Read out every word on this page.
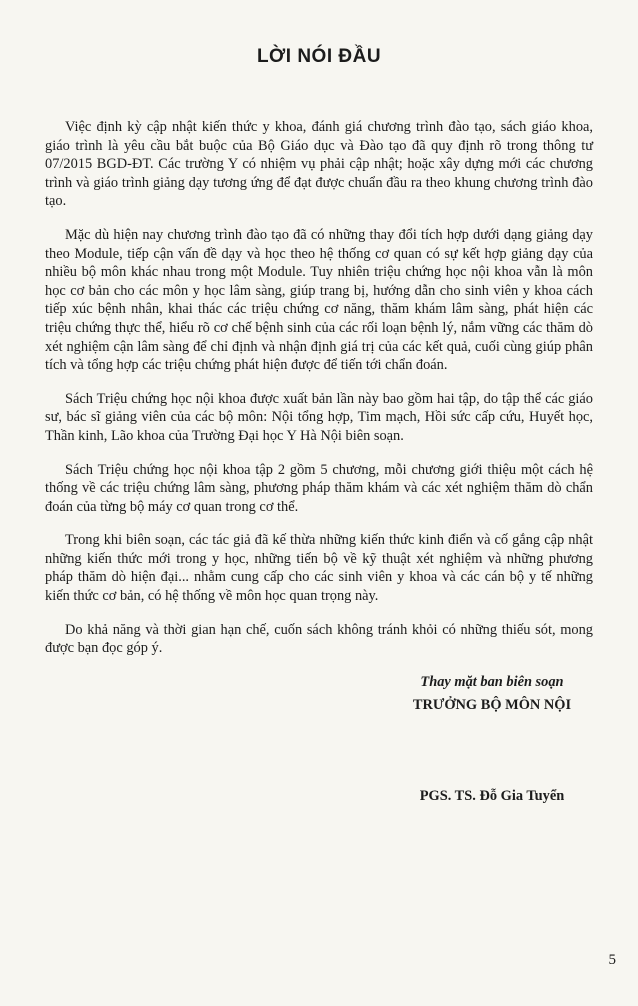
LỜI NÓI ĐẦU

Việc định kỳ cập nhật kiến thức y khoa, đánh giá chương trình đào tạo, sách giáo khoa, giáo trình là yêu cầu bắt buộc của Bộ Giáo dục và Đào tạo đã quy định rõ trong thông tư 07/2015 BGD-ĐT. Các trường Y có nhiệm vụ phải cập nhật; hoặc xây dựng mới các chương trình và giáo trình giảng dạy tương ứng để đạt được chuẩn đầu ra theo khung chương trình đào tạo.

Mặc dù hiện nay chương trình đào tạo đã có những thay đổi tích hợp dưới dạng giảng dạy theo Module, tiếp cận vấn đề dạy và học theo hệ thống cơ quan có sự kết hợp giảng dạy của nhiều bộ môn khác nhau trong một Module. Tuy nhiên triệu chứng học nội khoa vẫn là môn học cơ bản cho các môn y học lâm sàng, giúp trang bị, hướng dẫn cho sinh viên y khoa cách tiếp xúc bệnh nhân, khai thác các triệu chứng cơ năng, thăm khám lâm sàng, phát hiện các triệu chứng thực thể, hiểu rõ cơ chế bệnh sinh của các rối loạn bệnh lý, nắm vững các thăm dò xét nghiệm cận lâm sàng để chỉ định và nhận định giá trị của các kết quả, cuối cùng giúp phân tích và tổng hợp các triệu chứng phát hiện được để tiến tới chẩn đoán.

Sách Triệu chứng học nội khoa được xuất bản lần này bao gồm hai tập, do tập thể các giáo sư, bác sĩ giảng viên của các bộ môn: Nội tổng hợp, Tim mạch, Hồi sức cấp cứu, Huyết học, Thần kinh, Lão khoa của Trường Đại học Y Hà Nội biên soạn.

Sách Triệu chứng học nội khoa tập 2 gồm 5 chương, mỗi chương giới thiệu một cách hệ thống về các triệu chứng lâm sàng, phương pháp thăm khám và các xét nghiệm thăm dò chẩn đoán của từng bộ máy cơ quan trong cơ thể.

Trong khi biên soạn, các tác giả đã kế thừa những kiến thức kinh điển và cố gắng cập nhật những kiến thức mới trong y học, những tiến bộ về kỹ thuật xét nghiệm và những phương pháp thăm dò hiện đại... nhằm cung cấp cho các sinh viên y khoa và các cán bộ y tế những kiến thức cơ bản, có hệ thống về môn học quan trọng này.

Do khả năng và thời gian hạn chế, cuốn sách không tránh khỏi có những thiếu sót, mong được bạn đọc góp ý.

Thay mặt ban biên soạn

TRƯỞNG BỘ MÔN NỘI

PGS. TS. Đỗ Gia Tuyển

5
